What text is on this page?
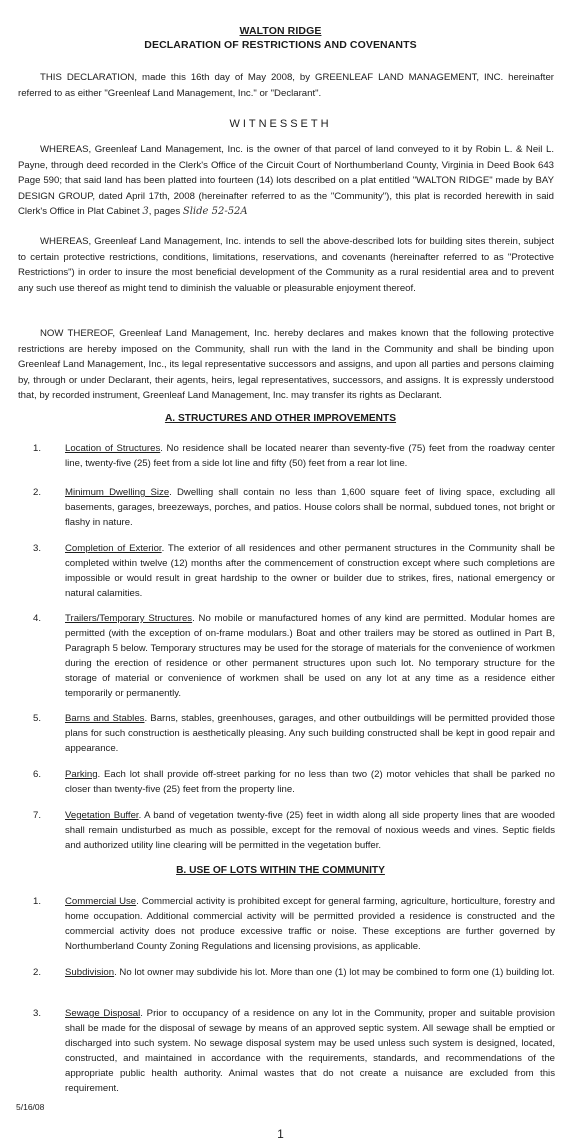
WALTON RIDGE
DECLARATION OF RESTRICTIONS AND COVENANTS
THIS DECLARATION, made this 16th day of May 2008, by GREENLEAF LAND MANAGEMENT, INC. hereinafter referred to as either "Greenleaf Land Management, Inc." or "Declarant".
WITNESSETH
WHEREAS, Greenleaf Land Management, Inc. is the owner of that parcel of land conveyed to it by Robin L. & Neil L. Payne, through deed recorded in the Clerk's Office of the Circuit Court of Northumberland County, Virginia in Deed Book 643 Page 590; that said land has been platted into fourteen (14) lots described on a plat entitled "WALTON RIDGE" made by BAY DESIGN GROUP, dated April 17th, 2008 (hereinafter referred to as the "Community"), this plat is recorded herewith in said Clerk's Office in Plat Cabinet 3, pages Slide 52-52A
WHEREAS, Greenleaf Land Management, Inc. intends to sell the above-described lots for building sites therein, subject to certain protective restrictions, conditions, limitations, reservations, and covenants (hereinafter referred to as "Protective Restrictions") in order to insure the most beneficial development of the Community as a rural residential area and to prevent any such use thereof as might tend to diminish the valuable or pleasurable enjoyment thereof.
NOW THEREOF, Greenleaf Land Management, Inc. hereby declares and makes known that the following protective restrictions are hereby imposed on the Community, shall run with the land in the Community and shall be binding upon Greenleaf Land Management, Inc., its legal representative successors and assigns, and upon all parties and persons claiming by, through or under Declarant, their agents, heirs, legal representatives, successors, and assigns. It is expressly understood that, by recorded instrument, Greenleaf Land Management, Inc. may transfer its rights as Declarant.
A. STRUCTURES AND OTHER IMPROVEMENTS
1. Location of Structures. No residence shall be located nearer than seventy-five (75) feet from the roadway center line, twenty-five (25) feet from a side lot line and fifty (50) feet from a rear lot line.
2. Minimum Dwelling Size. Dwelling shall contain no less than 1,600 square feet of living space, excluding all basements, garages, breezeways, porches, and patios. House colors shall be normal, subdued tones, not bright or flashy in nature.
3. Completion of Exterior. The exterior of all residences and other permanent structures in the Community shall be completed within twelve (12) months after the commencement of construction except where such completions are impossible or would result in great hardship to the owner or builder due to strikes, fires, national emergency or natural calamities.
4. Trailers/Temporary Structures. No mobile or manufactured homes of any kind are permitted. Modular homes are permitted (with the exception of on-frame modulars.) Boat and other trailers may be stored as outlined in Part B, Paragraph 5 below. Temporary structures may be used for the storage of materials for the convenience of workmen during the erection of residence or other permanent structures upon such lot. No temporary structure for the storage of material or convenience of workmen shall be used on any lot at any time as a residence either temporarily or permanently.
5. Barns and Stables. Barns, stables, greenhouses, garages, and other outbuildings will be permitted provided those plans for such construction is aesthetically pleasing. Any such building constructed shall be kept in good repair and appearance.
6. Parking. Each lot shall provide off-street parking for no less than two (2) motor vehicles that shall be parked no closer than twenty-five (25) feet from the property line.
7. Vegetation Buffer. A band of vegetation twenty-five (25) feet in width along all side property lines that are wooded shall remain undisturbed as much as possible, except for the removal of noxious weeds and vines. Septic fields and authorized utility line clearing will be permitted in the vegetation buffer.
B. USE OF LOTS WITHIN THE COMMUNITY
1. Commercial Use. Commercial activity is prohibited except for general farming, agriculture, horticulture, forestry and home occupation. Additional commercial activity will be permitted provided a residence is constructed and the commercial activity does not produce excessive traffic or noise. These exceptions are further governed by Northumberland County Zoning Regulations and licensing provisions, as applicable.
2. Subdivision. No lot owner may subdivide his lot. More than one (1) lot may be combined to form one (1) building lot.
3. Sewage Disposal. Prior to occupancy of a residence on any lot in the Community, proper and suitable provision shall be made for the disposal of sewage by means of an approved septic system. All sewage shall be emptied or discharged into such system. No sewage disposal system may be used unless such system is designed, located, constructed, and maintained in accordance with the requirements, standards, and recommendations of the appropriate public health authority. Animal wastes that do not create a nuisance are excluded from this requirement.
5/16/08
1
